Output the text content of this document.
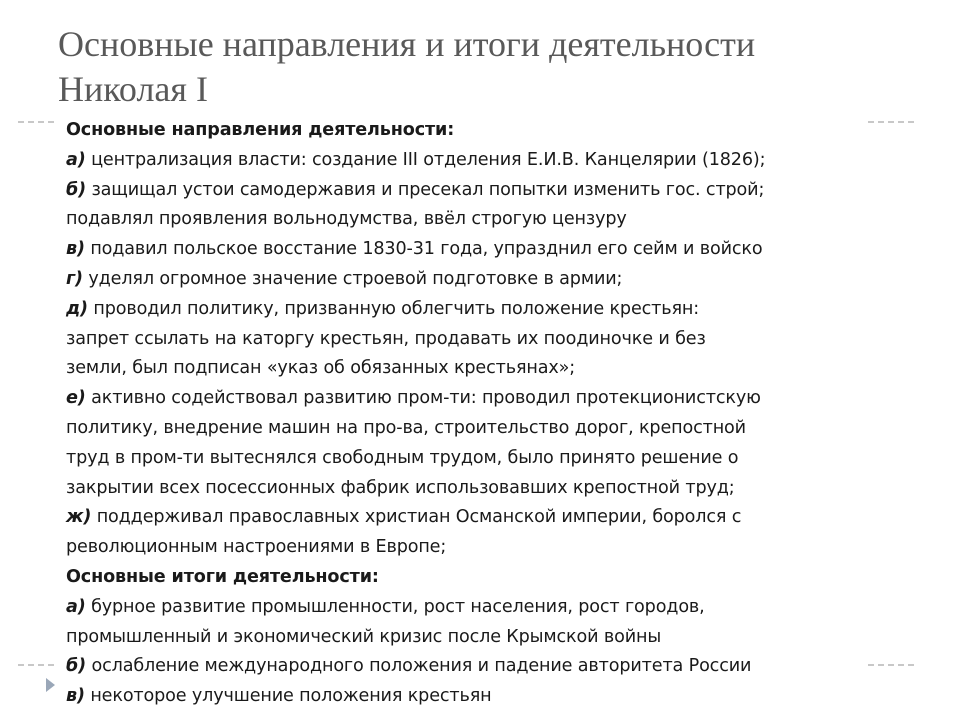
Основные направления и итоги деятельности
Николая I
Основные направления деятельности:
а) централизация власти: создание III отделения Е.И.В. Канцелярии (1826);
б) защищал устои самодержавия и пресекал попытки изменить гос. строй;
подавлял проявления вольнодумства, ввёл строгую цензуру
в) подавил польское восстание 1830-31 года, упразднил его сейм и войско
г) уделял огромное значение строевой подготовке в армии;
д) проводил политику, призванную облегчить положение крестьян:
запрет ссылать на каторгу крестьян, продавать их поодиночке и без
земли, был подписан «указ об обязанных крестьянах»;
е) активно содействовал развитию пром-ти: проводил протекционистскую
политику, внедрение машин на про-ва, строительство дорог, крепостной
труд в пром-ти вытеснялся свободным трудом, было принято решение о
закрытии всех посессионных фабрик использовавших крепостной труд;
ж) поддерживал православных христиан Османской империи, боролся с
революционным настроениями в Европе;
Основные итоги деятельности:
а) бурное развитие промышленности, рост населения, рост городов,
промышленный и экономический кризис после Крымской войны
б) ослабление международного положения и падение авторитета России
в) некоторое улучшение положения крестьян
